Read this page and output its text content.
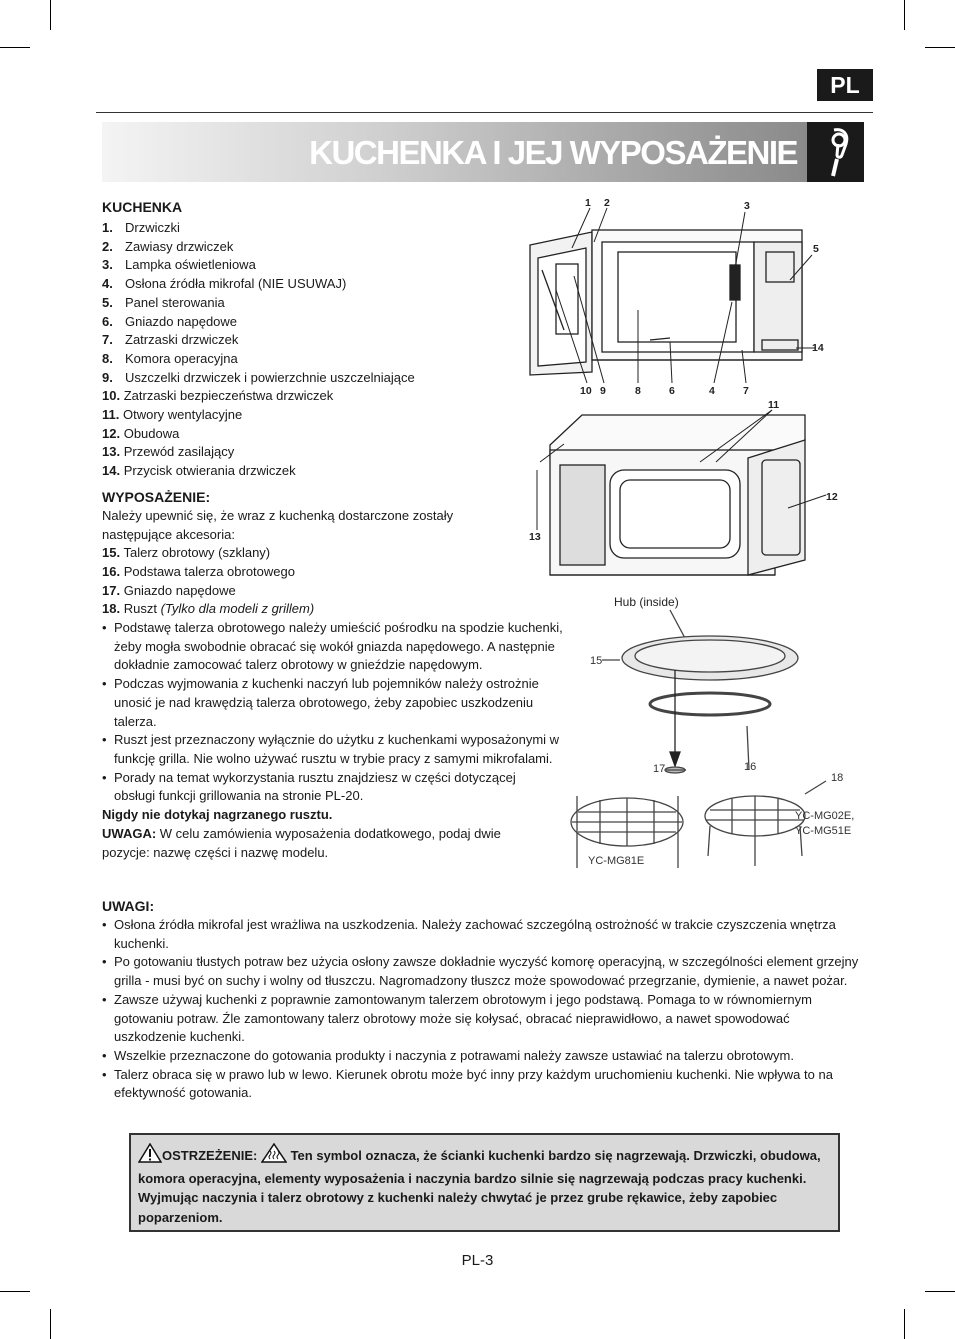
PL
KUCHENKA I JEJ WYPOSAŻENIE
KUCHENKA
1. Drzwiczki
2. Zawiasy drzwiczek
3. Lampka oświetleniowa
4. Osłona źródła mikrofal (NIE USUWAJ)
5. Panel sterowania
6. Gniazdo napędowe
7. Zatrzaski drzwiczek
8. Komora operacyjna
9. Uszczelki drzwiczek i powierzchnie uszczelniające
10. Zatrzaski bezpieczeństwa drzwiczek
11. Otwory wentylacyjne
12. Obudowa
13. Przewód zasilający
14. Przycisk otwierania drzwiczek
WYPOSAŻENIE:

Należy upewnić się, że wraz z kuchenką dostarczone zostały następujące akcesoria:

15. Talerz obrotowy (szklany)
16. Podstawa talerza obrotowego
17. Gniazdo napędowe
18. Ruszt (Tylko dla modeli z grillem)
• Podstawę talerza obrotowego należy umieścić pośrodku na spodzie kuchenki, żeby mogła swobodnie obracać się wokół gniazda napędowego. A następnie dokładnie zamocować talerz obrotowy w gnieździe napędowym.
• Podczas wyjmowania z kuchenki naczyń lub pojemników należy ostrożnie unosić je nad krawędzią talerza obrotowego, żeby zapobiec uszkodzeniu talerza.
• Ruszt jest przeznaczony wyłącznie do użytku z kuchenkami wyposażonymi w funkcję grilla. Nie wolno używać rusztu w trybie pracy z samymi mikrofalami.
• Porady na temat wykorzystania rusztu znajdziesz w części dotyczącej obsługi funkcji grillowania na stronie PL-20.

Nigdy nie dotykaj nagrzanego rusztu.

UWAGA: W celu zamówienia wyposażenia dodatkowego, podaj dwie pozycje: nazwę części i nazwę modelu.

1 2	3
5
14
10 9	8	6	4	7
11
12
13
Hub (inside)
15
17	16
18
YC-MG81E
YC-MG02E,
YC-MG51E
UWAGI:
• Osłona źródła mikrofal jest wrażliwa na uszkodzenia. Należy zachować szczególną ostrożność w trakcie czyszczenia wnętrza kuchenki.
• Po gotowaniu tłustych potraw bez użycia osłony zawsze dokładnie wyczyść komorę operacyjną, w szczególności element grzejny grilla - musi być on suchy i wolny od tłuszczu. Nagromadzony tłuszcz może spowodować przegrzanie, dymienie, a nawet pożar.
• Zawsze używaj kuchenki z poprawnie zamontowanym talerzem obrotowym i jego podstawą. Pomaga to w równomiernym gotowaniu potraw. Źle zamontowany talerz obrotowy może się kołysać, obracać nieprawidłowo, a nawet spowodować uszkodzenie kuchenki.
• Wszelkie przeznaczone do gotowania produkty i naczynia z potrawami należy zawsze ustawiać na talerzu obrotowym.
• Talerz obraca się w prawo lub w lewo. Kierunek obrotu może być inny przy każdym uruchomieniu kuchenki. Nie wpływa to na efektywność gotowania.
OSTRZEŻENIE:  Ten symbol oznacza, że ścianki kuchenki bardzo się nagrzewają. Drzwiczki, obudowa, komora operacyjna, elementy wyposażenia i naczynia bardzo silnie się nagrzewają podczas pracy kuchenki. Wyjmując naczynia i talerz obrotowy z kuchenki należy chwytać je przez grube rękawice, żeby zapobiec poparzeniom.
PL-3
